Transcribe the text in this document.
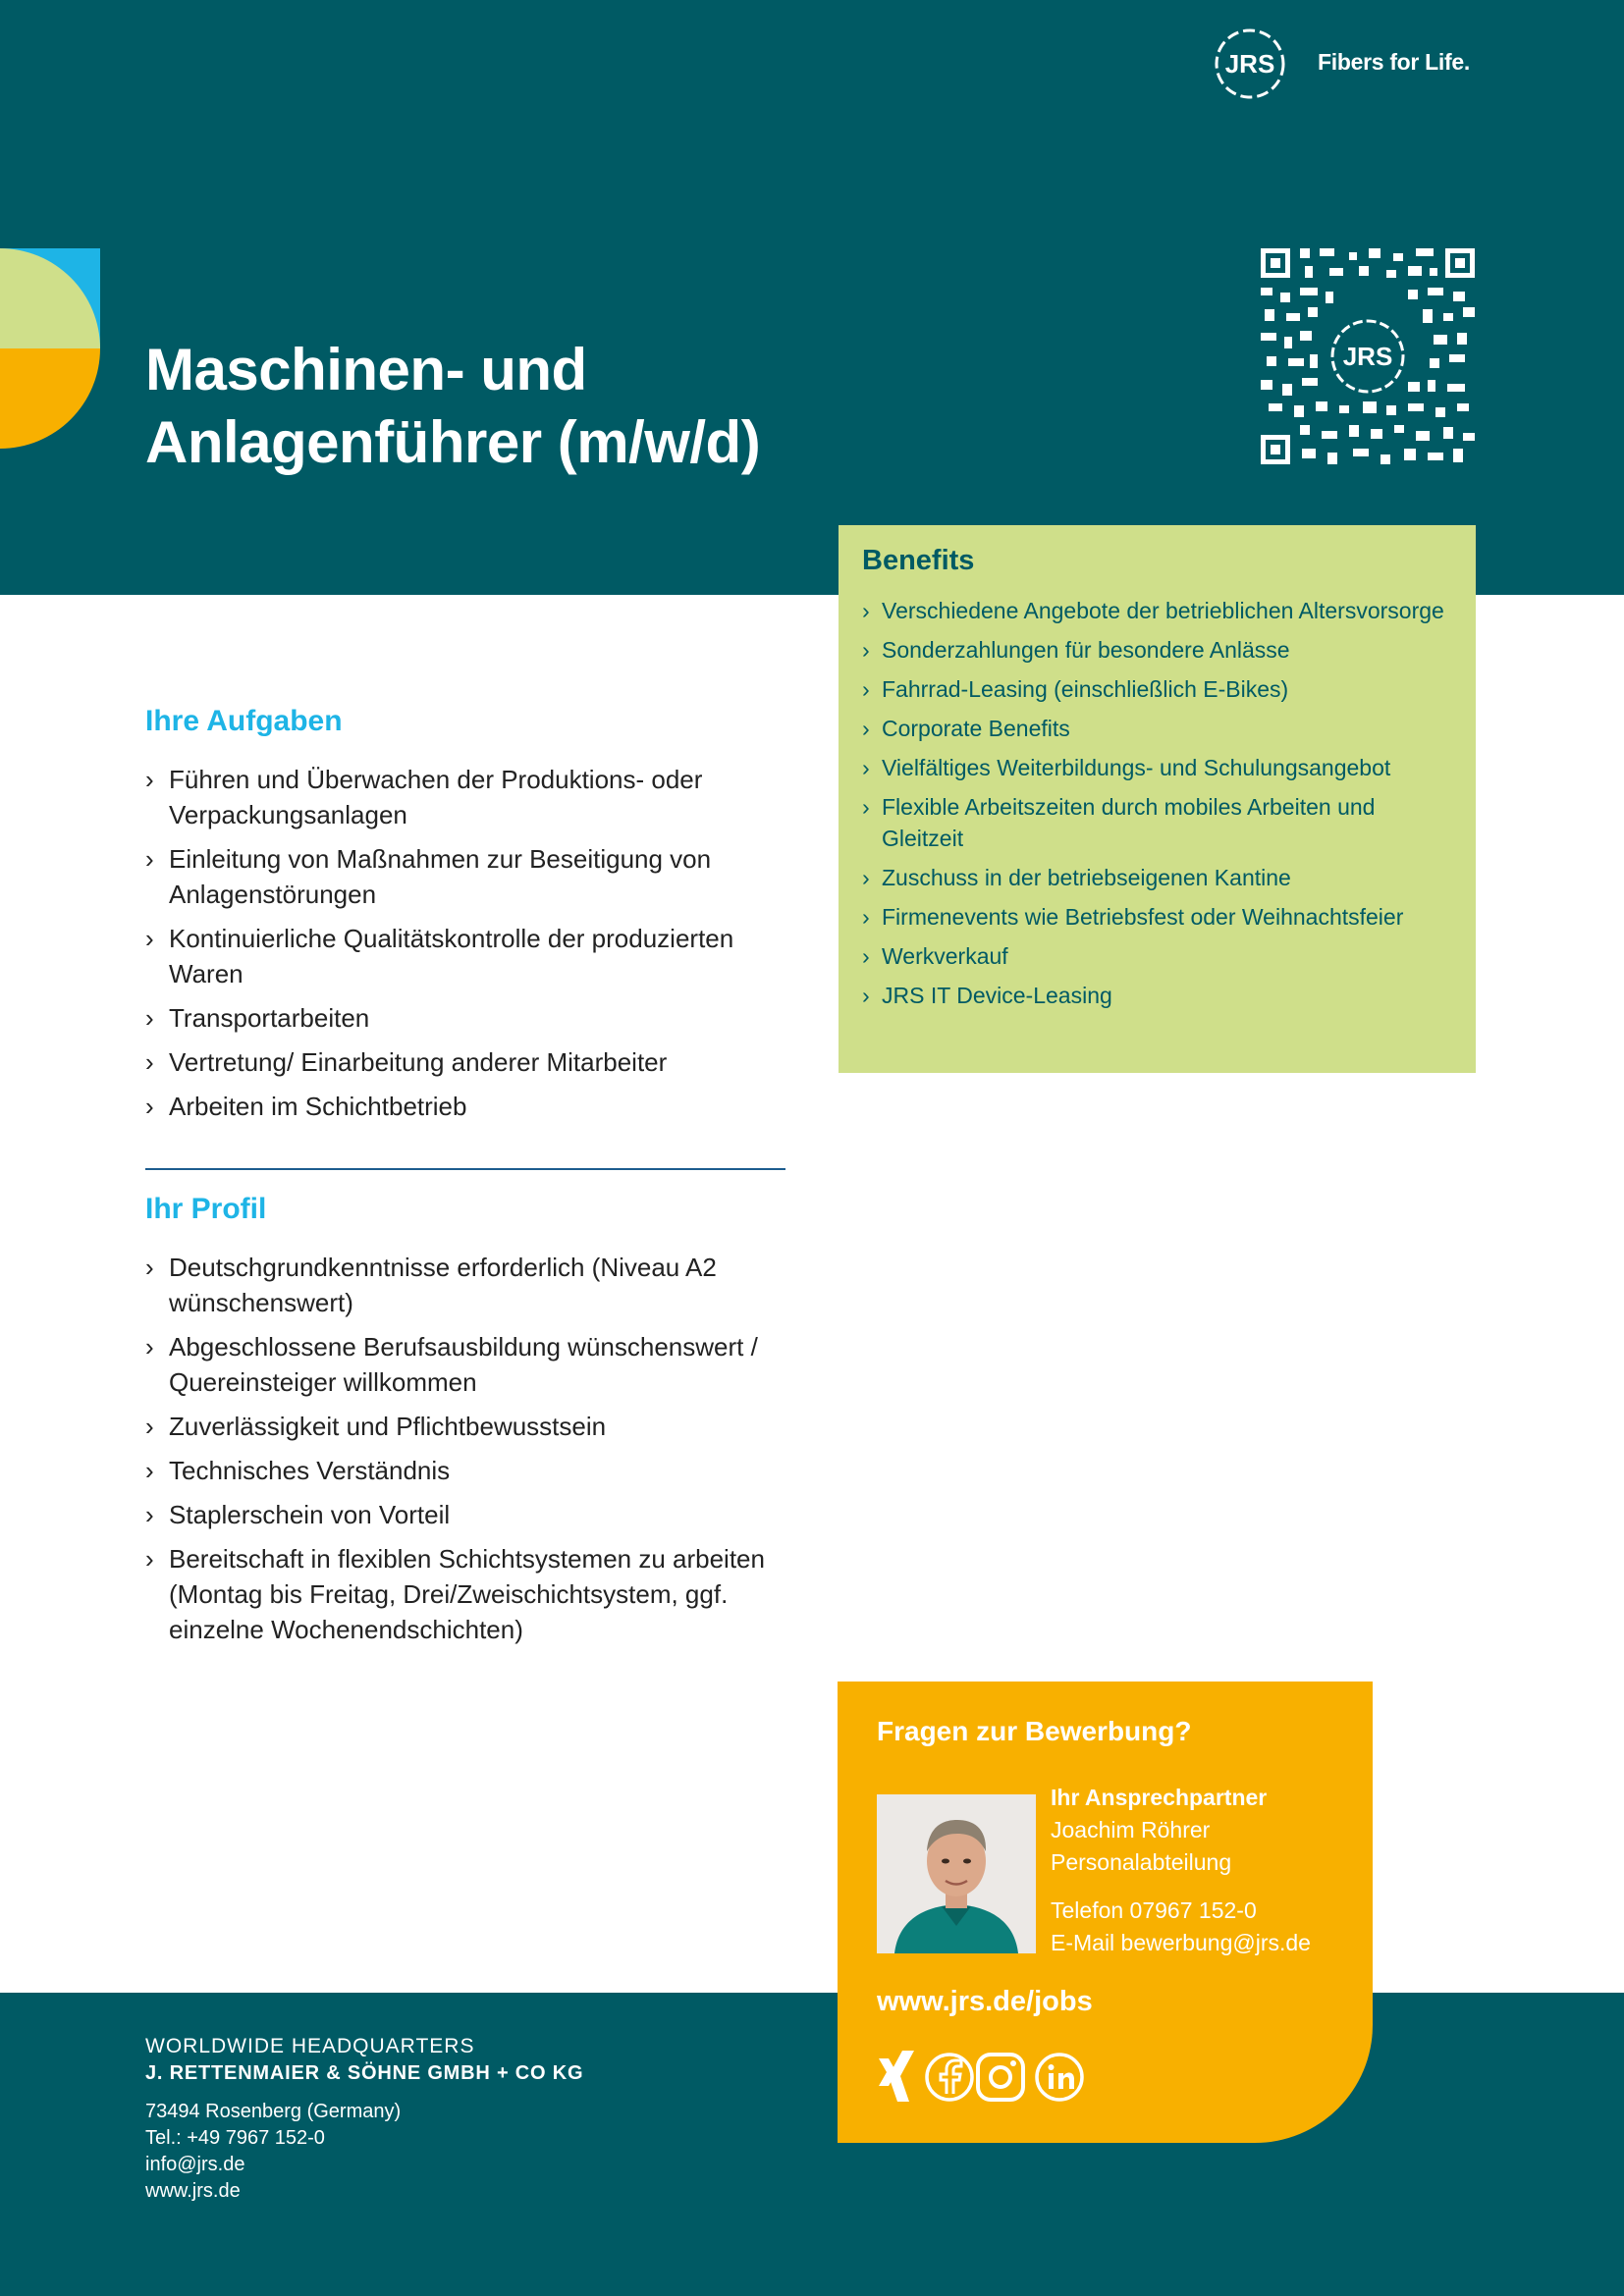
JRS Fibers for Life.
Maschinen- und
Anlagenführer (m/w/d)
JRS
Ihre Aufgaben
› Führen und Überwachen der Produktions- oder Verpackungsanlagen
› Einleitung von Maßnahmen zur Beseitigung von Anlagenstörungen
› Kontinuierliche Qualitätskontrolle der produzierten Waren
› Transportarbeiten
› Vertretung/ Einarbeitung anderer Mitarbeiter
› Arbeiten im Schichtbetrieb
Ihr Profil
› Deutschgrundkenntnisse erforderlich (Niveau A2 wünschenswert)
› Abgeschlossene Berufsausbildung wünschenswert / Quereinsteiger willkommen
› Zuverlässigkeit und Pflichtbewusstsein
› Technisches Verständnis
› Staplerschein von Vorteil
› Bereitschaft in flexiblen Schichtsystemen zu arbeiten (Montag bis Freitag, Drei/Zweischichtsystem, ggf. einzelne Wochenendschichten)
Benefits
› Verschiedene Angebote der betrieblichen Altersvorsorge
› Sonderzahlungen für besondere Anlässe
› Fahrrad-Leasing (einschließlich E-Bikes)
› Corporate Benefits
› Vielfältiges Weiterbildungs- und Schulungsangebot
› Flexible Arbeitszeiten durch mobiles Arbeiten und Gleitzeit
› Zuschuss in der betriebseigenen Kantine
› Firmenevents wie Betriebsfest oder Weihnachtsfeier
› Werkverkauf
› JRS IT Device-Leasing
Fragen zur Bewerbung?
Ihr Ansprechpartner
Joachim Röhrer
Personalabteilung
Telefon 07967 152-0
E-Mail bewerbung@jrs.de
www.jrs.de/jobs
WORLDWIDE HEADQUARTERS
J. RETTENMAIER & SÖHNE GMBH + CO KG
73494 Rosenberg (Germany)
Tel.: +49 7967 152-0
info@jrs.de
www.jrs.de
